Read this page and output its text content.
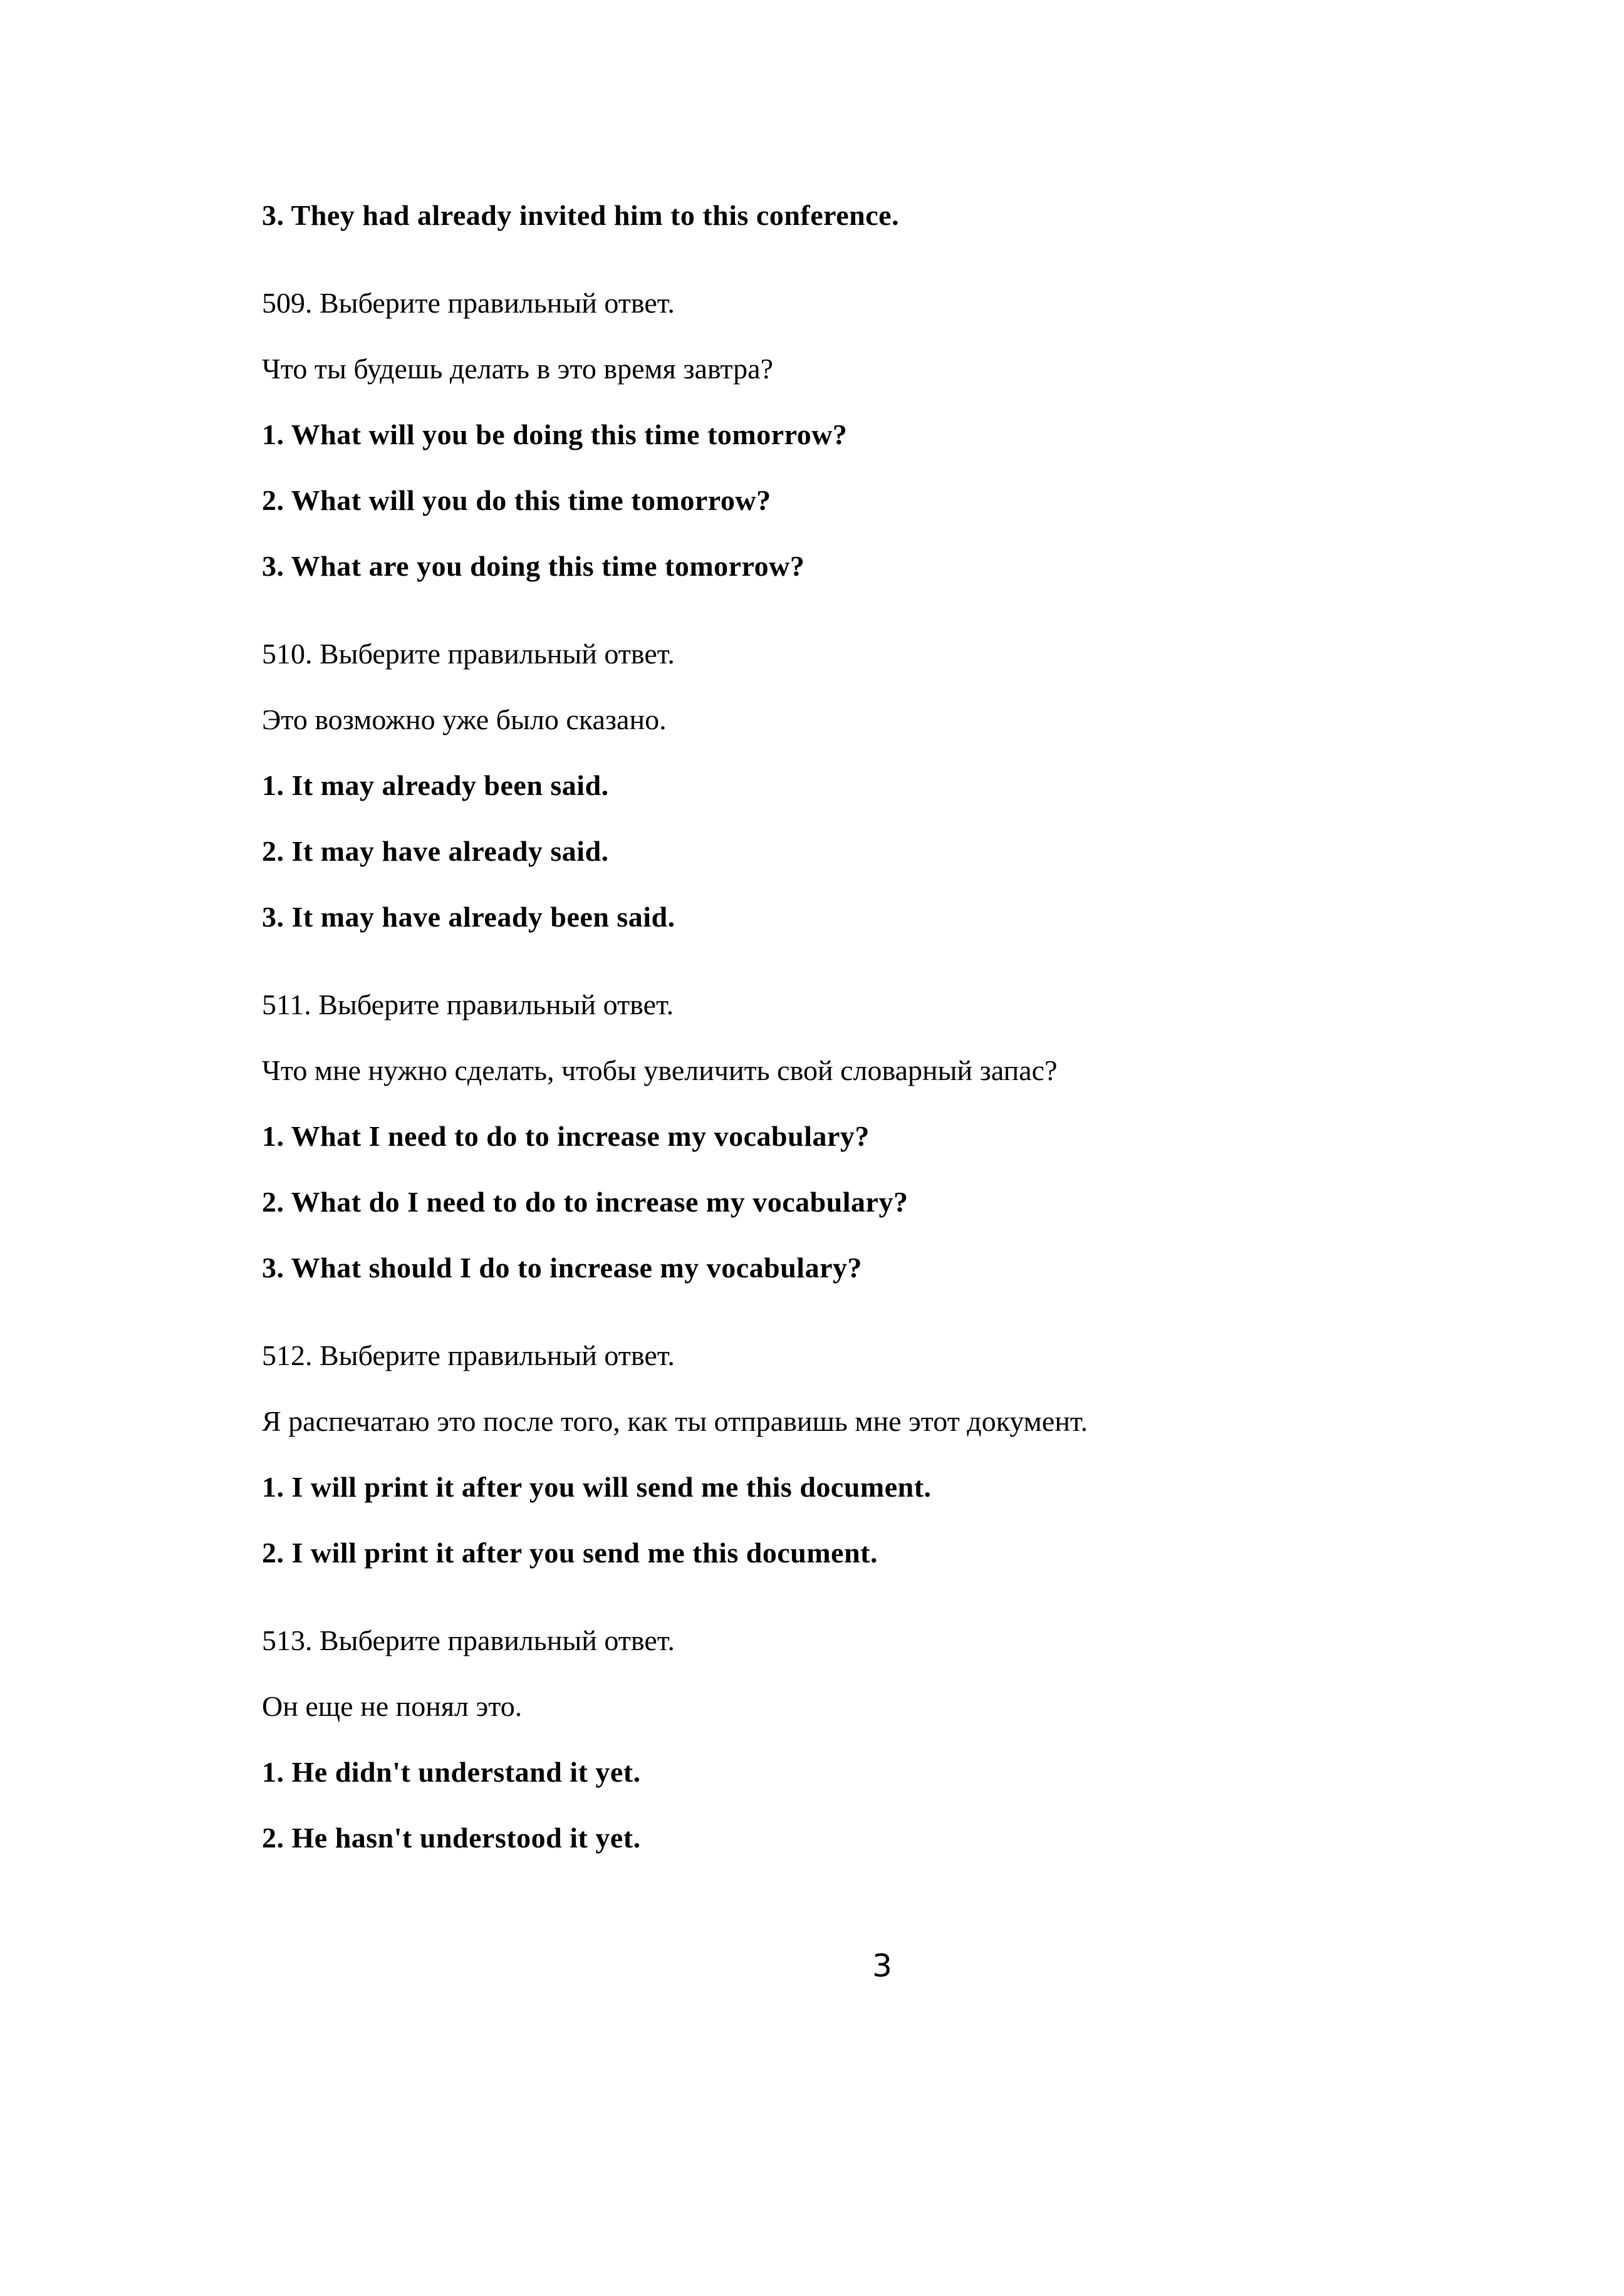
3. They had already invited him to this conference.

509. Выберите правильный ответ.

Что ты будешь делать в это время завтра?

1. What will you be doing this time tomorrow?

2. What will you do this time tomorrow?

3. What are you doing this time tomorrow?

510. Выберите правильный ответ.

Это возможно уже было сказано.

1. It may already been said.

2. It may have already said.

3. It may have already been said.

511. Выберите правильный ответ.

Что мне нужно сделать, чтобы увеличить свой словарный запас?

1. What I need to do to increase my vocabulary?

2. What do I need to do to increase my vocabulary?

3. What should I do to increase my vocabulary?

512. Выберите правильный ответ.

Я распечатаю это после того, как ты отправишь мне этот документ.

1. I will print it after you will send me this document.

2. I will print it after you send me this document.

513. Выберите правильный ответ.

Он еще не понял это.

1. He didn't understand it yet.

2. He hasn't understood it yet.

3
